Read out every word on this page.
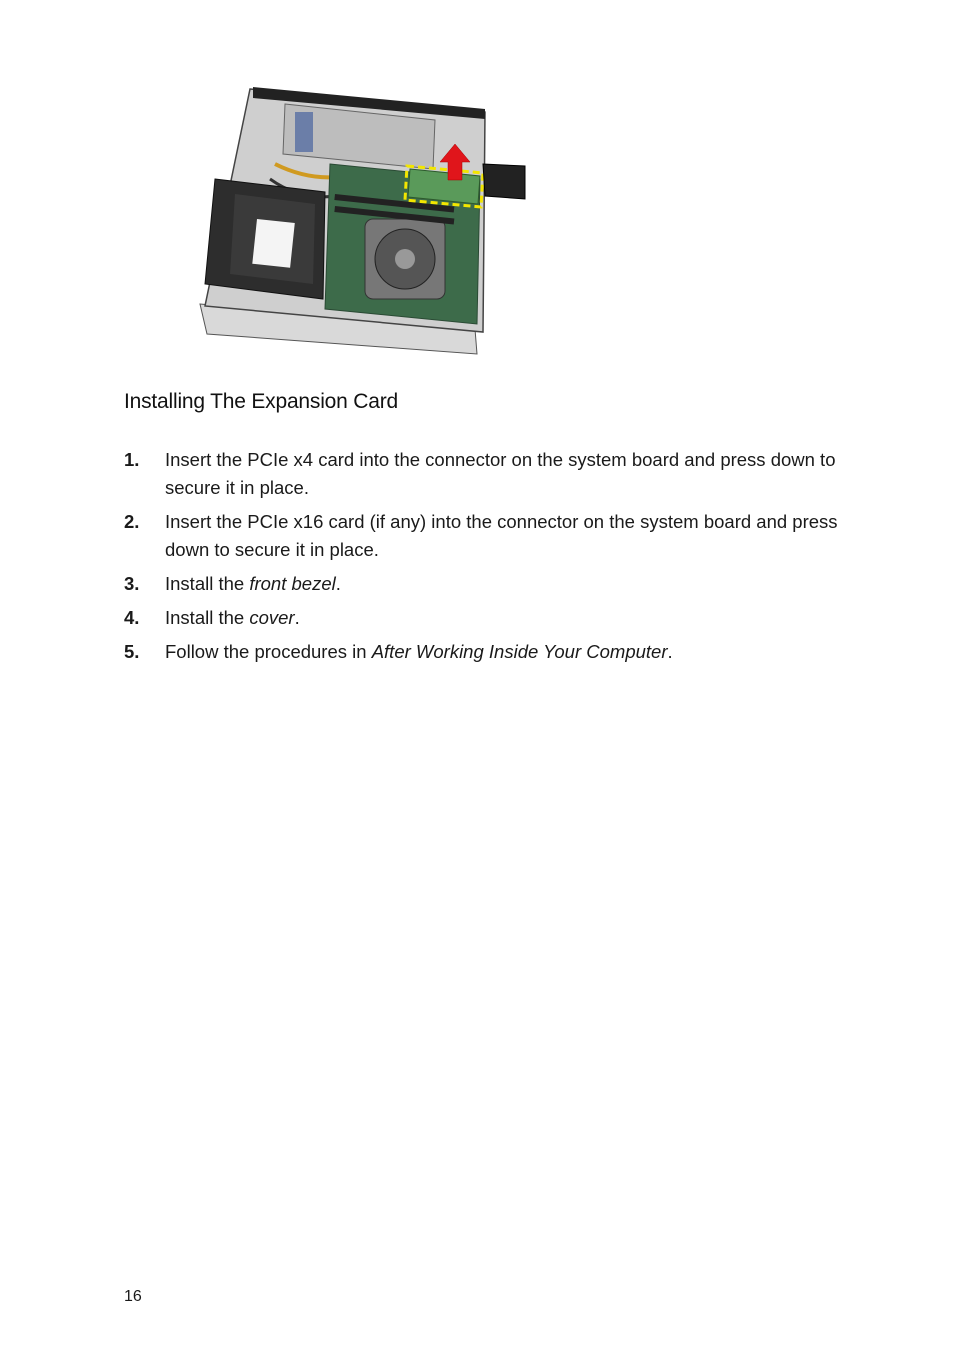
Installing The Expansion Card
1. Insert the PCIe x4 card into the connector on the system board and press down to secure it in place.
2. Insert the PCIe x16 card (if any) into the connector on the system board and press down to secure it in place.
3. Install the front bezel.
4. Install the cover.
5. Follow the procedures in After Working Inside Your Computer.
16
